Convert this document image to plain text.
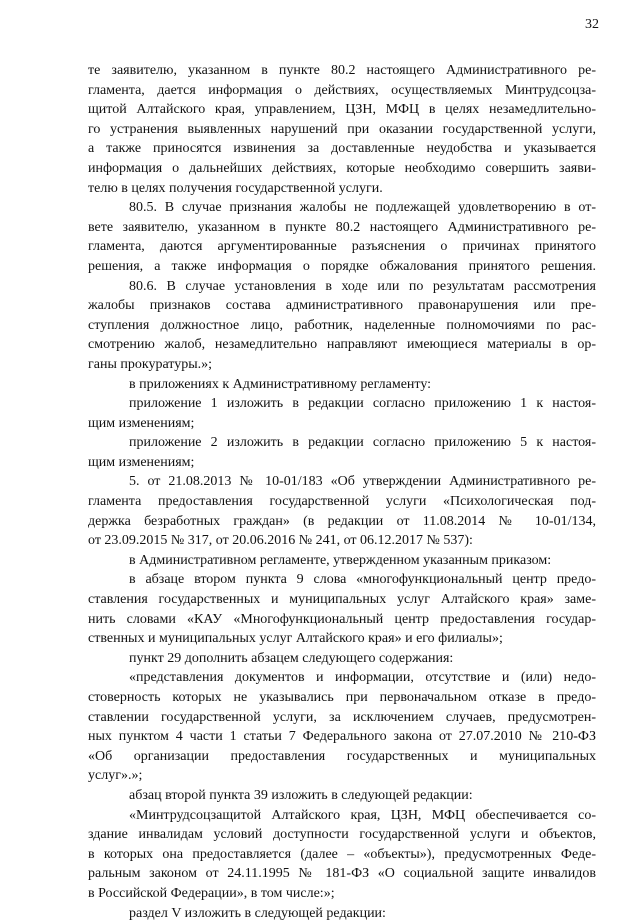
32
те заявителю, указанном в пункте 80.2 настоящего Административного ре-
гламента, дается информация о действиях, осуществляемых Минтрудсоцза-
щитой Алтайского края, управлением, ЦЗН, МФЦ в целях незамедлительно-
го устранения выявленных нарушений при оказании государственной услуги,
а также приносятся извинения за доставленные неудобства и указывается
информация о дальнейших действиях, которые необходимо совершить заяви-
телю в целях получения государственной услуги.
80.5. В случае признания жалобы не подлежащей удовлетворению в от-
вете заявителю, указанном в пункте 80.2 настоящего Административного ре-
гламента, даются аргументированные разъяснения о причинах принятого
решения, а также информация о порядке обжалования принятого решения.
80.6. В случае установления в ходе или по результатам рассмотрения
жалобы признаков состава административного правонарушения или пре-
ступления должностное лицо, работник, наделенные полномочиями по рас-
смотрению жалоб, незамедлительно направляют имеющиеся материалы в ор-
ганы прокуратуры.»;
в приложениях к Административному регламенту:
приложение 1 изложить в редакции согласно приложению 1 к настоя-
щим изменениям;
приложение 2 изложить в редакции согласно приложению 5 к настоя-
щим изменениям;
5. от 21.08.2013 № 10-01/183 «Об утверждении Административного ре-
гламента предоставления государственной услуги «Психологическая под-
держка безработных граждан» (в редакции от 11.08.2014 № 10-01/134,
от 23.09.2015 № 317, от 20.06.2016 № 241, от 06.12.2017 № 537):
в Административном регламенте, утвержденном указанным приказом:
в абзаце втором пункта 9 слова «многофункциональный центр предо-
ставления государственных и муниципальных услуг Алтайского края» заме-
нить словами «КАУ «Многофункциональный центр предоставления государ-
ственных и муниципальных услуг Алтайского края» и его филиалы»;
пункт 29 дополнить абзацем следующего содержания:
«представления документов и информации, отсутствие и (или) недо-
стоверность которых не указывались при первоначальном отказе в предо-
ставлении государственной услуги, за исключением случаев, предусмотрен-
ных пунктом 4 части 1 статьи 7 Федерального закона от 27.07.2010 № 210-ФЗ
«Об организации предоставления государственных и муниципальных
услуг».»;
абзац второй пункта 39 изложить в следующей редакции:
«Минтрудсоцзащитой Алтайского края, ЦЗН, МФЦ обеспечивается со-
здание инвалидам условий доступности государственной услуги и объектов,
в которых она предоставляется (далее – «объекты»), предусмотренных Феде-
ральным законом от 24.11.1995 № 181-ФЗ «О социальной защите инвалидов
в Российской Федерации», в том числе:»;
раздел V изложить в следующей редакции:
